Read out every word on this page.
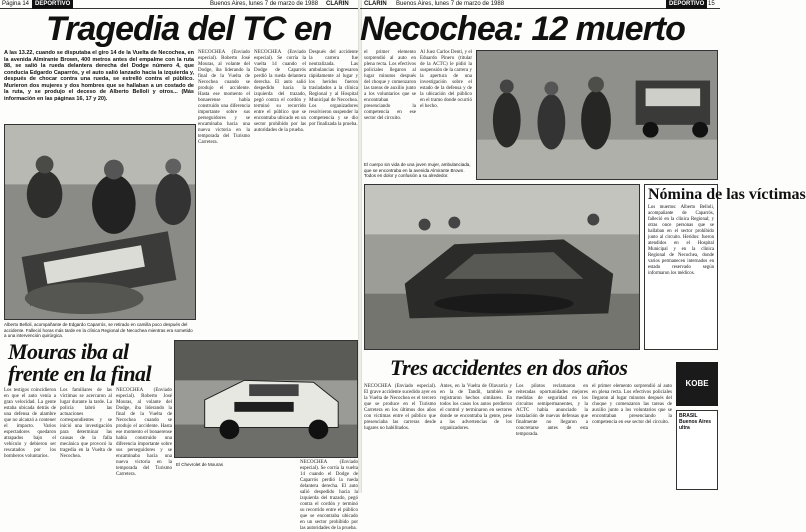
Página 14 DEPORTIVO	Buenos Aires, lunes 7 de marzo de 1988 CLARIN
Tragedia del TC en
A las 13.22, cuando se disputaba el giro 14 de la Vuelta de Necochea, en la avenida Almirante Brown, 400 metros antes del empalme con la ruta 88, se salió la rueda delantera derecha del Dodge número 4, que conducía Edgardo Caparrós, y el auto salió lanzado hacia la izquierda y, después de chocar contra una rueda, se estrelló contra el público. Murieron dos mujeres y dos hombres que se hallaban a un costado de la ruta, y se produjo el deceso de Alberto Belloli y otros... (Más información en las páginas 16, 17 y 20).
NECOCHEA (Enviado especial). Roberto José Mouras, al volante del Dodge, iba liderando la final de la Vuelta de Necochea cuando se produjo el accidente. Hasta ese momento el bonaerense había construido una diferencia importante sobre sus perseguidores y se encaminaba hacia una nueva victoria en la temporada del Turismo Carretera.
NECOCHEA (Enviado especial). Se corría la vuelta 14 cuando el Dodge de Caparrós perdió la rueda delantera derecha. El auto salió despedido hacia la izquierda del trazado, pegó contra el cordón y terminó su recorrido entre el público que se encontraba ubicado en un sector prohibido por las autoridades de la prueba.
Después del accidente la carrera fue neutralizada. Las ambulancias ingresaron rápidamente al lugar y los heridos fueron trasladados a la clínica Regional y al Hospital Municipal de Necochea. Los organizadores resolvieron suspender la competencia y se dio por finalizada la prueba.
Alberto Belloli, acompañante de Edgardo Caparrós, se retirado en camilla poco después del accidente. Falleció horas más tarde en la clínica Regional de Necochea mientras era sometido a una intervención quirúrgica.
Mouras iba al
frente en la final
Los testigos coincidieron en que el auto venía a gran velocidad. La gente estaba ubicada detrás de una defensa de alambre que no alcanzó a contener el impacto. Varios espectadores quedaron atrapados bajo el vehículo y debieron ser rescatados por los bomberos voluntarios.
Los familiares de las víctimas se acercaron al lugar durante la tarde. La policía labró las actuaciones correspondientes y se inició una investigación para determinar las causas de la falla mecánica que provocó la tragedia en la Vuelta de Necochea.
NECOCHEA (Enviado especial). Roberto José Mouras, al volante del Dodge, iba liderando la final de la Vuelta de Necochea cuando se produjo el accidente. Hasta ese momento el bonaerense había construido una diferencia importante sobre sus perseguidores y se encaminaba hacia una nueva victoria en la temporada del Turismo Carretera.
El Chevrolet de Mouras	NECOCHEA (Enviado especial). Se corría la vuelta 14 cuando el Dodge de Caparrós perdió la rueda delantera derecha. El auto salió despedido hacia la izquierda del trazado, pegó contra el cordón y terminó su recorrido entre el público que se encontraba ubicado en un sector prohibido por las autoridades de la prueba.
CLARIN Buenos Aires, lunes 7 de marzo de 1988	DEPORTIVO 15
Necochea: 12 muerto
el primer elemento sorprendió al auto en plena recta. Los efectivos policiales llegaron al lugar minutos después del choque y comenzaron las tareas de auxilio junto a los voluntarios que se encontraban presenciando la competencia en ese sector del circuito.
Al Juez Carlos Denti, y el Eduardo Pinero (titular de la ACTC) le pidió la suspensión de la carrera y la apertura de una investigación sobre el estado de la defensa y de la ubicación del público en el tramo donde ocurrió el hecho.
El cuerpo sin vida de una joven mujer, ambulanciada, que se encontraba en la avenida Almirante Brown. Todos en dolor y confusión a su alrededor.
Nómina de las víctimas
Los muertos: Alberto Belloli, acompañante de Caparrós, falleció en la clínica Regional; y otras once personas que se hallaban en el sector prohibido junto al circuito. Heridos: fueron atendidos en el Hospital Municipal y en la clínica Regional de Necochea, donde varios permanecen internados en estado reservado según informaron los médicos.
Tres accidentes en dos años
NECOCHEA (Enviado especial). El grave accidente sucedido ayer en la Vuelta de Necochea es el tercero que se produce en el Turismo Carretera en los últimos dos años con víctimas entre el público que presenciaba las carreras desde lugares no habilitados.
Antes, en la Vuelta de Olavarría y en la de Tandil, también se registraron hechos similares. En todos los casos los autos perdieron el control y terminaron en sectores donde se encontraba la gente, pese a las advertencias de los organizadores.
Los pilotos reclamaron en reiteradas oportunidades mejores medidas de seguridad en los circuitos semipermanentes, y la ACTC había anunciado la instalación de nuevas defensas que finalmente no llegaron a concretarse antes de esta temporada.
el primer elemento sorprendió al auto en plena recta. Los efectivos policiales llegaron al lugar minutos después del choque y comenzaron las tareas de auxilio junto a los voluntarios que se encontraban presenciando la competencia en ese sector del circuito.
KOBE
BRASIL Buenos Aires ultra
